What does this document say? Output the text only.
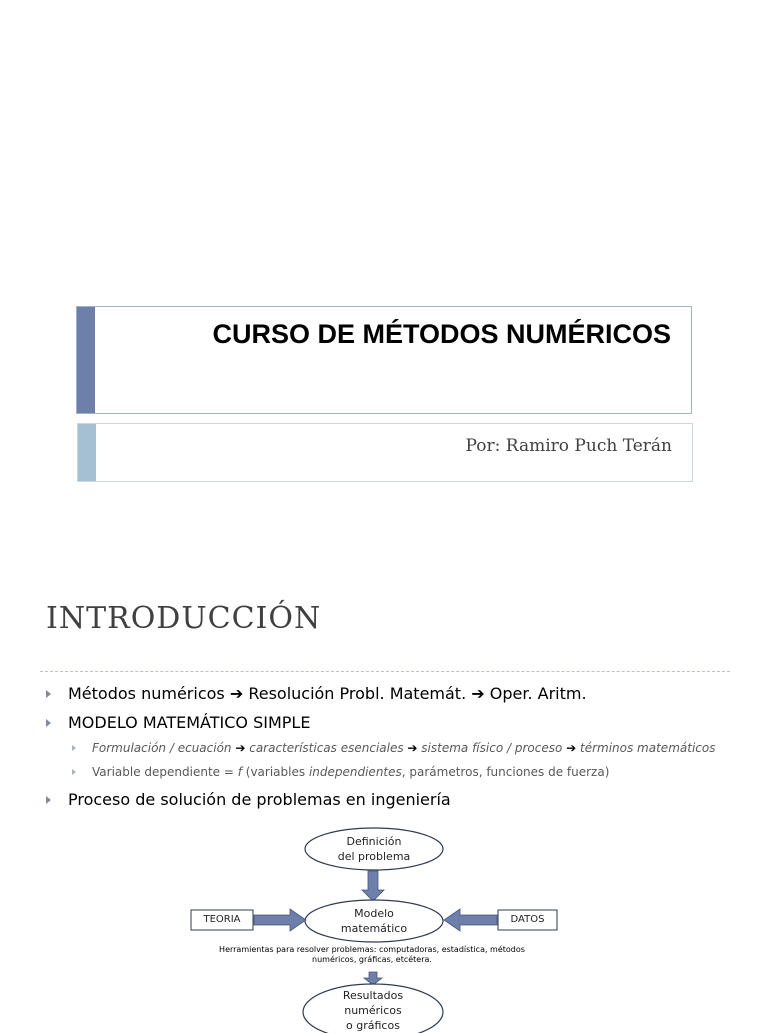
CURSO DE MÉTODOS NUMÉRICOS
Por: Ramiro Puch Terán
INTRODUCCIÓN
Métodos numéricos ➔ Resolución Probl. Matemát. ➔ Oper. Aritm.
MODELO MATEMÁTICO SIMPLE
Formulación / ecuación ➔ características esenciales ➔ sistema físico / proceso ➔ términos matemáticos
Variable dependiente = f (variables independientes, parámetros, funciones de fuerza)
Proceso de solución de problemas en ingeniería
Definición
del problema
Modelo
matemático
TEORIA	DATOS
Herramientas para resolver problemas: computadoras, estadística, métodos numéricos, gráficas, etcétera.
Resultados
numéricos
o gráficos
